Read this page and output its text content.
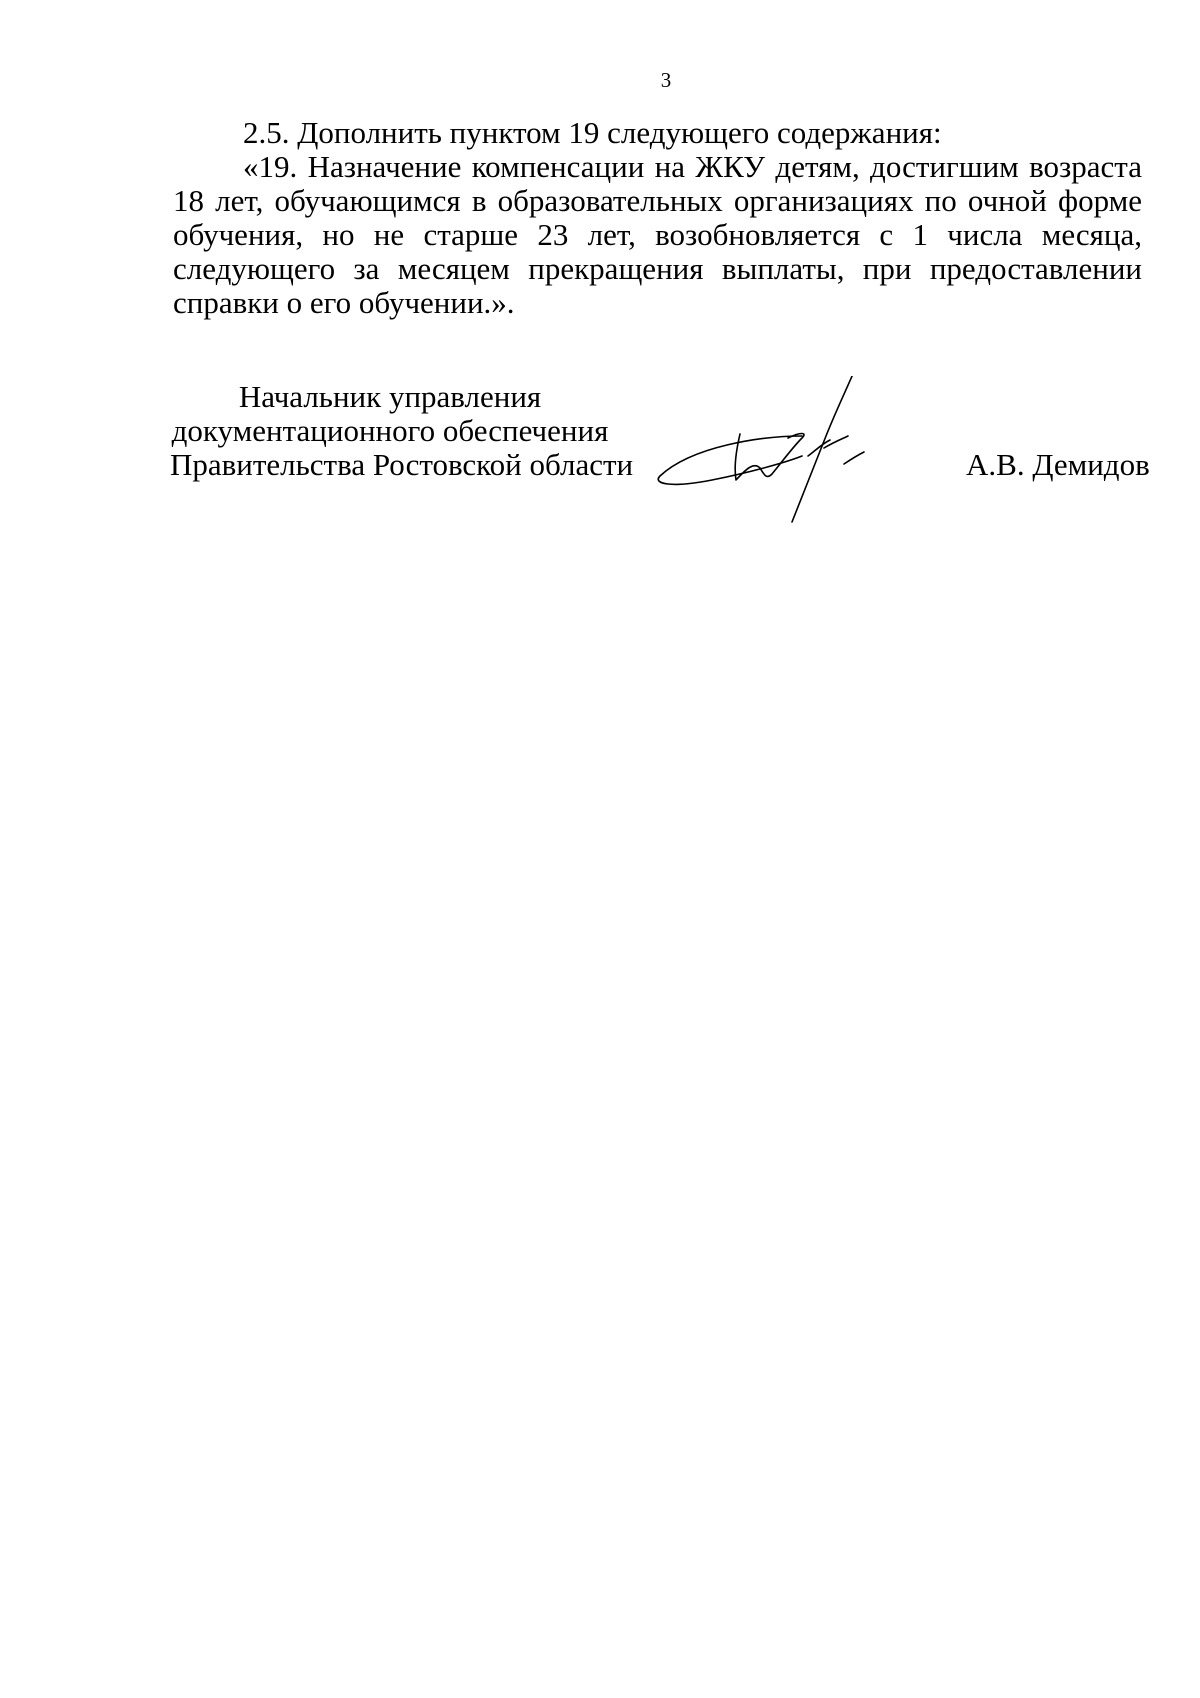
3

2.5. Дополнить пунктом 19 следующего содержания:

«19. Назначение компенсации на ЖКУ детям, достигшим возраста 18 лет, обучающимся в образовательных организациях по очной форме обучения, но не старше 23 лет, возобновляется с 1 числа месяца, следующего за месяцем прекращения выплаты, при предоставлении справки о его обучении.».

Начальник управления
документационного обеспечения
Правительства Ростовской области	А.В. Демидов
